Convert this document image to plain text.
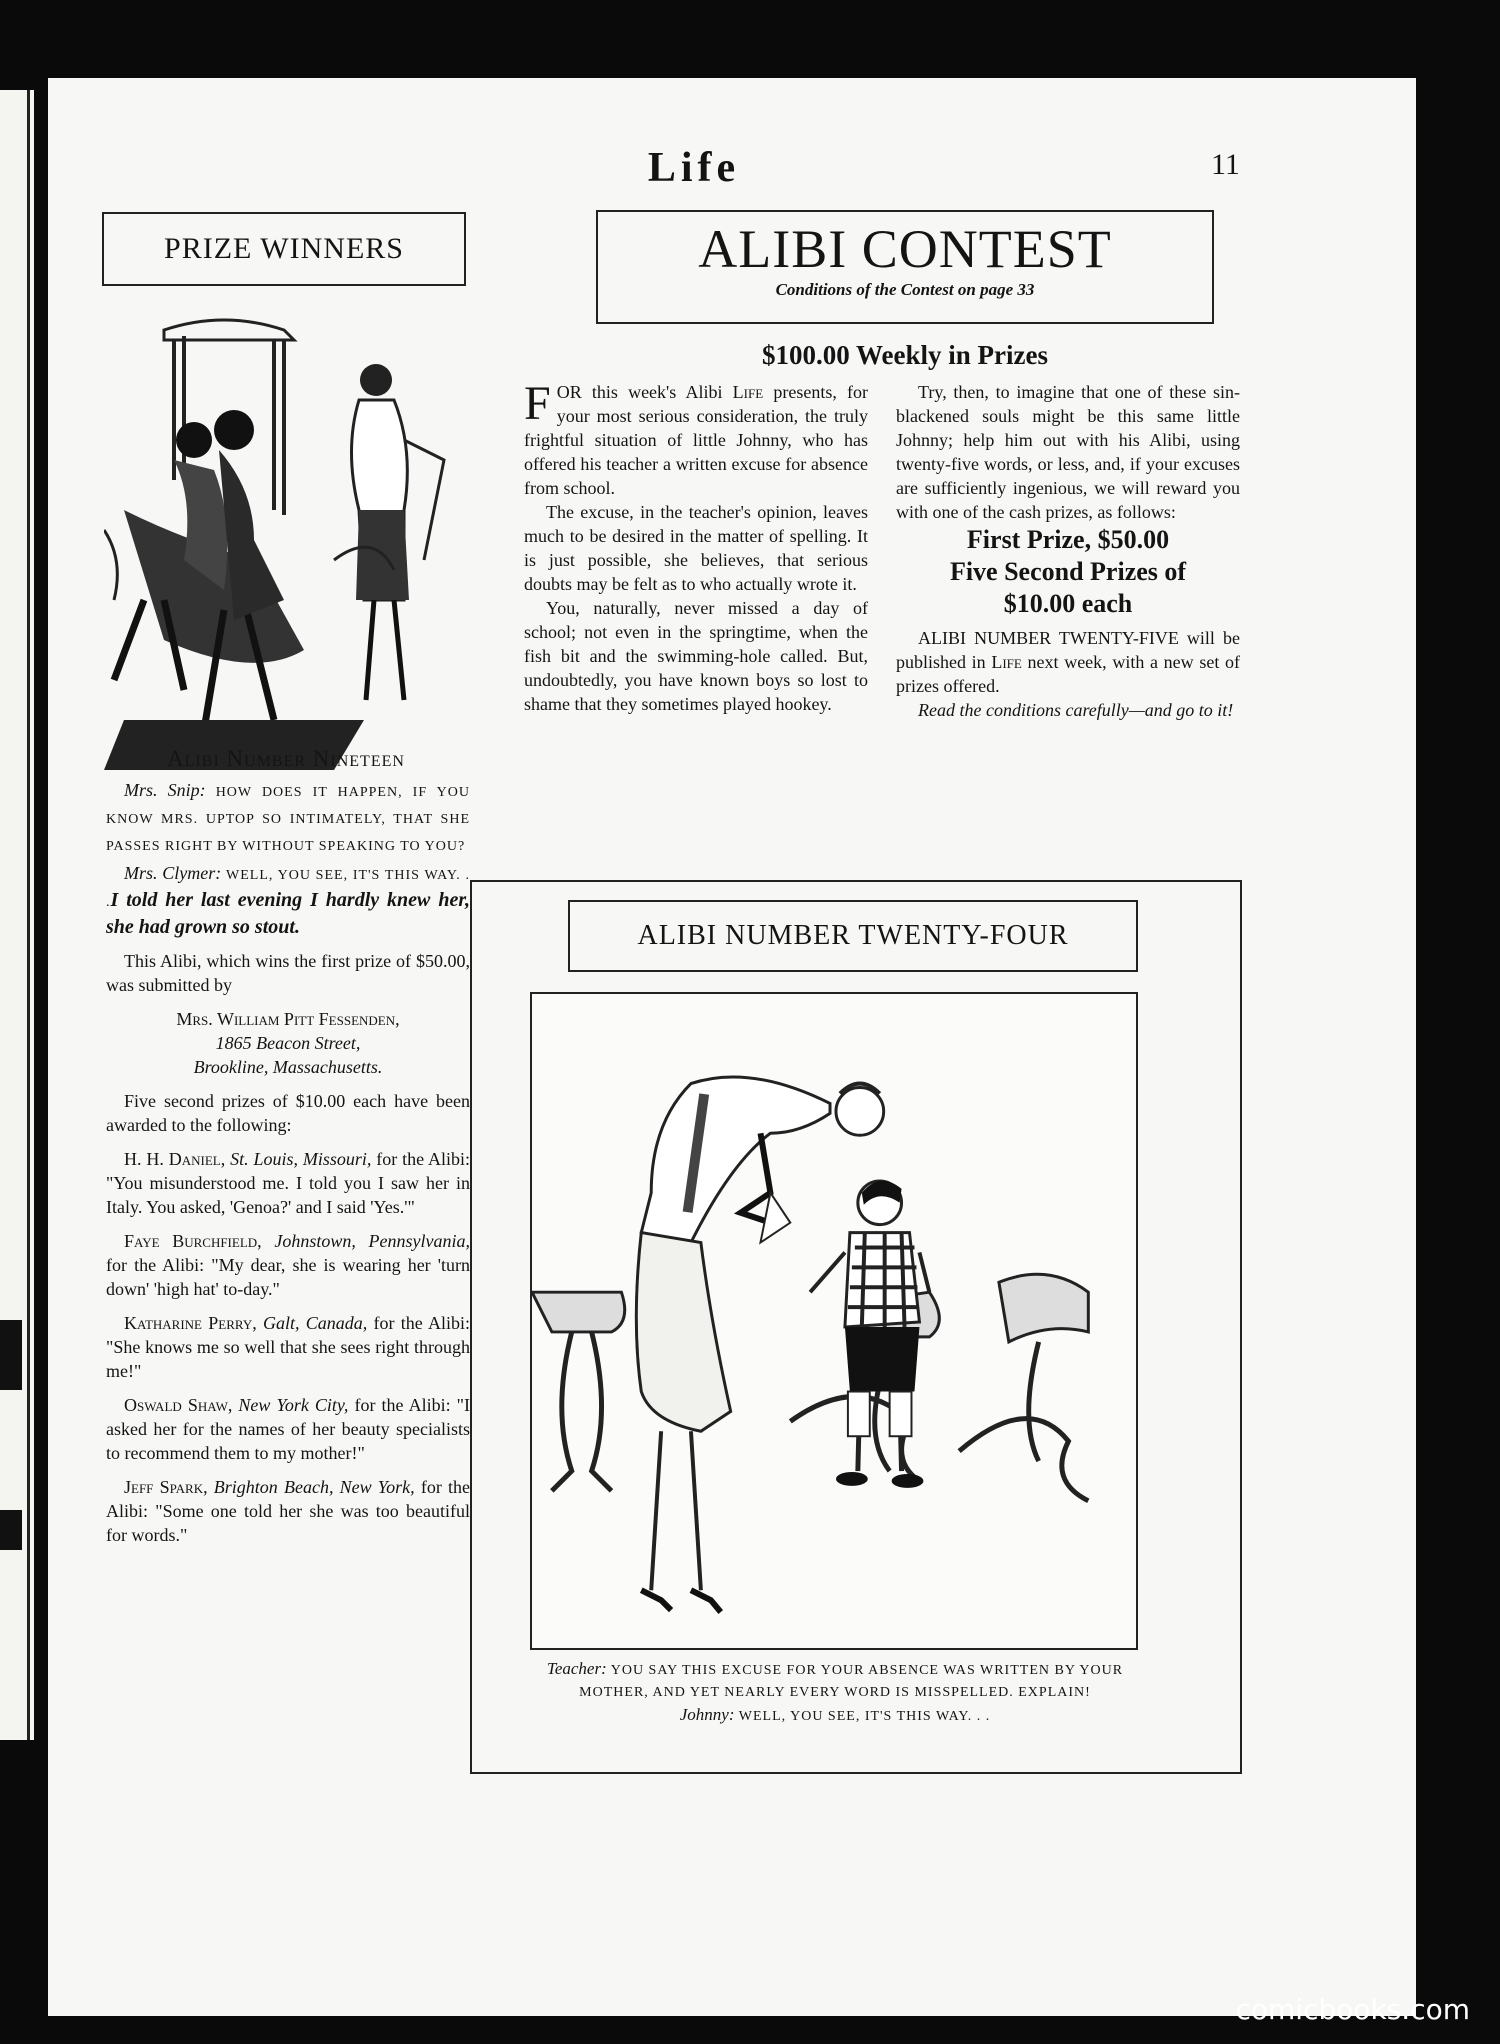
Life	11
PRIZE WINNERS	ALIBI CONTEST
Conditions of the Contest on page 33
$100.00 Weekly in Prizes

FOR this week's Alibi Life presents, for your most serious consideration, the truly frightful situation of little Johnny, who has offered his teacher a written excuse for absence from school.

The excuse, in the teacher's opinion, leaves much to be desired in the matter of spelling. It is just possible, she believes, that serious doubts may be felt as to who actually wrote it.

You, naturally, never missed a day of school; not even in the springtime, when the fish bit and the swimming-hole called. But, undoubtedly, you have known boys so lost to shame that they sometimes played hookey.

Try, then, to imagine that one of these sin-blackened souls might be this same little Johnny; help him out with his Alibi, using twenty-five words, or less, and, if your excuses are sufficiently ingenious, we will reward you with one of the cash prizes, as follows:

First Prize, $50.00

Five Second Prizes of

$10.00 each

ALIBI NUMBER TWENTY-FIVE will be published in Life next week, with a new set of prizes offered.

Read the conditions carefully—and go to it!

Alibi Number Nineteen

Mrs. Snip: HOW DOES IT HAPPEN, IF YOU KNOW MRS. UPTOP SO INTIMATELY, THAT SHE PASSES RIGHT BY WITHOUT SPEAKING TO YOU?

Mrs. Clymer: WELL, YOU SEE, IT'S THIS WAY. . .I told her last evening I hardly knew her, she had grown so stout.

This Alibi, which wins the first prize of $50.00, was submitted by

Mrs. William Pitt Fessenden,

1865 Beacon Street,

Brookline, Massachusetts.

Five second prizes of $10.00 each have been awarded to the following:

H. H. Daniel, St. Louis, Missouri, for the Alibi: "You misunderstood me. I told you I saw her in Italy. You asked, 'Genoa?' and I said 'Yes.'"

Faye Burchfield, Johnstown, Pennsylvania, for the Alibi: "My dear, she is wearing her 'turn down' 'high hat' to-day."

Katharine Perry, Galt, Canada, for the Alibi: "She knows me so well that she sees right through me!"

Oswald Shaw, New York City, for the Alibi: "I asked her for the names of her beauty specialists to recommend them to my mother!"

Jeff Spark, Brighton Beach, New York, for the Alibi: "Some one told her she was too beautiful for words."

ALIBI NUMBER TWENTY-FOUR
Teacher: YOU SAY THIS EXCUSE FOR YOUR ABSENCE WAS WRITTEN BY YOUR MOTHER, AND YET NEARLY EVERY WORD IS MISSPELLED. EXPLAIN!
Johnny: WELL, YOU SEE, IT'S THIS WAY. . .
comicbooks.com
